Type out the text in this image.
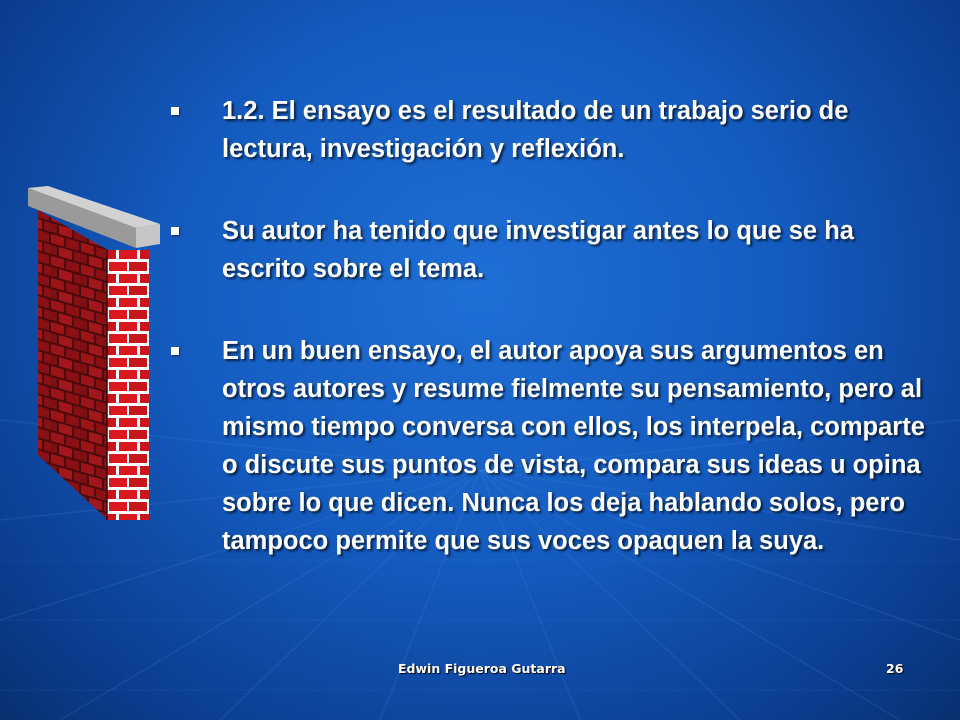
1.2. El ensayo es el resultado de un trabajo serio de lectura, investigación y reflexión.
Su autor ha tenido que investigar antes lo que se ha escrito sobre el tema.
En un buen ensayo, el autor apoya sus argumentos en otros autores y resume fielmente su pensamiento, pero al mismo tiempo conversa con ellos, los interpela, comparte o discute sus puntos de vista, compara sus ideas u opina sobre lo que dicen. Nunca los deja hablando solos, pero tampoco permite que sus voces opaquen la suya.
Edwin Figueroa Gutarra	26
